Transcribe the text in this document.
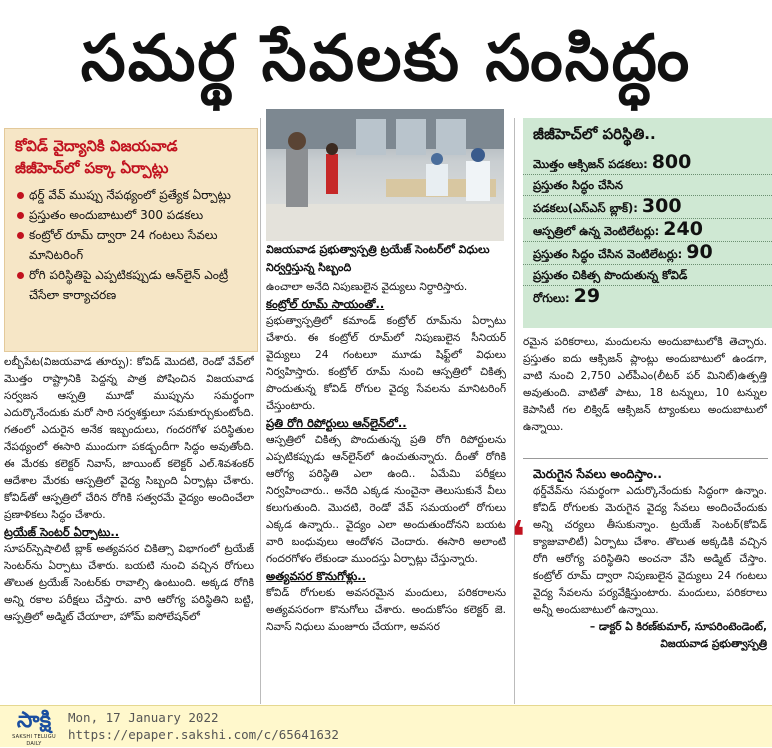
సమర్థ సేవలకు సంసిద్ధం
కోవిడ్ వైద్యానికి విజయవాడ జీజీహెచ్‌లో పక్కా ఏర్పాట్లు
థర్డ్ వేవ్ ముప్పు నేపథ్యంలో ప్రత్యేక ఏర్పాట్లు
ప్రస్తుతం అందుబాటులో 300 పడకలు
కంట్రోల్ రూమ్ ద్వారా 24 గంటలు సేవలు మానిటరింగ్
రోగి పరిస్థితిపై ఎప్పటికప్పుడు ఆన్‌లైన్ ఎంట్రీ చేసేలా కార్యాచరణ

లబ్బీపేట(విజయవాడ తూర్పు): కోవిడ్ మొదటి, రెండో వేవ్‌లో మొత్తం రాష్ట్రానికి పెద్దన్న పాత్ర పోషించిన విజయవాడ సర్వజన ఆస్పత్రి మూడో ముప్పును సమర్థంగా ఎదుర్కొనేందుకు మరో సారి సర్వశక్తులూ సమకూర్చుకుంటోంది. గతంలో ఎదురైన అనేక ఇబ్బందులు, గందరగోళ పరిస్థితుల నేపథ్యంలో ఈసారి ముందుగా పకడ్బందీగా సిద్ధం అవుతోంది. ఈ మేరకు కలెక్టర్ నివాస్, జాయింట్ కలెక్టర్ ఎల్.శివశంకర్ ఆదేశాల మేరకు ఆస్పత్రిలో వైద్య సిబ్బంది ఏర్పాట్లు చేశారు. కోవిడ్‌తో ఆస్పత్రిలో చేరిన రోగికి సత్వరమే వైద్యం అందించేలా ప్రణాళికలు సిద్ధం చేశారు.

ట్రయేజ్ సెంటర్ ఏర్పాటు..

సూపర్‌స్పెషాలిటీ బ్లాక్ అత్యవసర చికిత్సా విభాగంలో ట్రయేజ్ సెంటర్‌ను ఏర్పాటు చేశారు. బయటి నుంచి వచ్చిన రోగులు తొలుత ట్రయేజ్ సెంటర్‌కు రావాల్సి ఉంటుంది. అక్కడ రోగికి అన్ని రకాల పరీక్షలు చేస్తారు. వారి ఆరోగ్య పరిస్థితిని బట్టి, ఆస్పత్రిలో అడ్మిట్ చేయాలా, హోమ్ ఐసోలేషన్‌లో

విజయవాడ ప్రభుత్వాస్పత్రి ట్రయేజ్ సెంటర్‌లో విధులు నిర్వర్తిస్తున్న సిబ్బంది

ఉంచాలా అనేది నిపుణులైన వైద్యులు నిర్ధారిస్తారు.

కంట్రోల్ రూమ్ సాయంతో..

ప్రభుత్వాస్పత్రిలో కమాండ్ కంట్రోల్ రూమ్‌ను ఏర్పాటు చేశారు. ఈ కంట్రోల్ రూమ్‌లో నిపుణులైన సీనియర్ వైద్యులు 24 గంటలూ మూడు షిఫ్ట్‌లో విధులు నిర్వహిస్తారు. కంట్రోల్ రూమ్ నుంచి ఆస్పత్రిలో చికిత్స పొందుతున్న కోవిడ్ రోగుల వైద్య సేవలను మానిటరింగ్ చేస్తుంటారు.

ప్రతి రోగి రిపోర్టులు ఆన్‌లైన్‌లో..

ఆస్పత్రిలో చికిత్స పొందుతున్న ప్రతి రోగి రిపోర్టులను ఎప్పటికప్పుడు ఆన్‌లైన్‌లో ఉంచుతున్నారు. దీంతో రోగికి ఆరోగ్య పరిస్థితి ఎలా ఉంది.. ఏమేమి పరీక్షలు నిర్వహించారు.. అనేది ఎక్కడ నుంచైనా తెలుసుకునే వీలు కలుగుతుంది. మొదటి, రెండో వేవ్ సమయంలో రోగులు ఎక్కడ ఉన్నారు.. వైద్యం ఎలా అందుతుందోనని బయట వారి బంధువులు ఆందోళన చెందారు. ఈసారి అలాంటి గందరగోళం లేకుండా ముందస్తు ఏర్పాట్లు చేస్తున్నారు.

అత్యవసర కొనుగోళ్లు..

కోవిడ్ రోగులకు అవసరమైన మందులు, పరికరాలను అత్యవసరంగా కొనుగోలు చేశారు. అందుకోసం కలెక్టర్ జె. నివాస్ నిధులు మంజూరు చేయగా, అవసర

జీజీహెచ్‌లో పరిస్థితి..
మొత్తం ఆక్సిజన్ పడకలు: 800
ప్రస్తుతం సిద్ధం చేసిన
పడకలు(ఎస్ఎస్ బ్లాక్): 300
ఆస్పత్రిలో ఉన్న వెంటిలేటర్లు: 240
ప్రస్తుతం సిద్ధం చేసిన వెంటిలేటర్లు: 90
ప్రస్తుతం చికిత్స పొందుతున్న కోవిడ్
రోగులు: 29

రమైన పరికరాలు, మందులను అందుబాటులోకి తెచ్చారు. ప్రస్తుతం ఐదు ఆక్సిజన్ ప్లాంట్లు అందుబాటులో ఉండగా, వాటి నుంచి 2,750 ఎల్‌పీఎం(లీటర్ పర్ మినిట్)ఉత్పత్తి అవుతుంది. వాటితో పాటు, 18 టన్నులు, 10 టన్నుల కెపాసిటీ గల లిక్విడ్ ఆక్సిజన్ ట్యాంకులు అందుబాటులో ఉన్నాయి.

❛
మెరుగైన సేవలు అందిస్తాం..

థర్డ్‌వేవ్‌ను సమర్థంగా ఎదుర్కొనేందుకు సిద్ధంగా ఉన్నాం. కోవిడ్ రోగులకు మెరుగైన వైద్య సేవలు అందించేందుకు అన్ని చర్యలు తీసుకున్నాం. ట్రయేజ్ సెంటర్(కోవిడ్ క్యాజువాలిటీ) ఏర్పాటు చేశాం. తొలుత అక్కడికి వచ్చిన రోగి ఆరోగ్య పరిస్థితిని అంచనా వేసి అడ్మిట్ చేస్తాం. కంట్రోల్ రూమ్ ద్వారా నిపుణులైన వైద్యులు 24 గంటలు వైద్య సేవలను పర్యవేక్షిస్తుంటారు. మందులు, పరికరాలు అన్నీ అందుబాటులో ఉన్నాయి.

– డాక్టర్ ఏ కిరణ్‌కుమార్, సూపరింటెండెంట్,

విజయవాడ ప్రభుత్వాస్పత్రి

సాక్షి
SAKSHI TELUGU DAILY
Mon, 17 January 2022
https://epaper.sakshi.com/c/65641632
